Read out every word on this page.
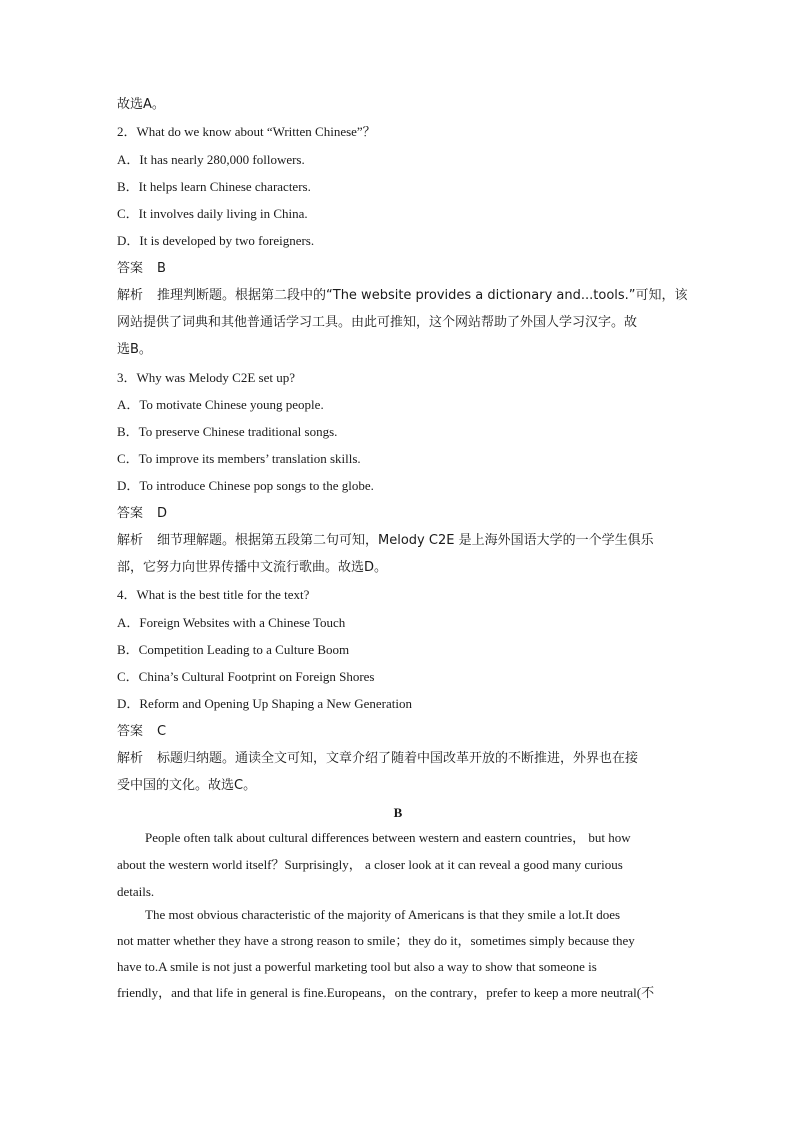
故选A。
2．What do we know about “Written Chinese”？
A．It has nearly 280,000 followers.
B．It helps learn Chinese characters.
C．It involves daily living in China.
D．It is developed by two foreigners.
答案 B
解析 推理判断题。根据第二段中的“The website provides a dictionary and...tools.”可知，该
网站提供了词典和其他普通话学习工具。由此可推知，这个网站帮助了外国人学习汉字。故
选B。
3．Why was Melody C2E set up?
A．To motivate Chinese young people.
B．To preserve Chinese traditional songs.
C．To improve its members’ translation skills.
D．To introduce Chinese pop songs to the globe.
答案 D
解析 细节理解题。根据第五段第二句可知，Melody C2E 是上海外国语大学的一个学生俱乐
部，它努力向世界传播中文流行歌曲。故选D。
4．What is the best title for the text?
A．Foreign Websites with a Chinese Touch
B．Competition Leading to a Culture Boom
C．China’s Cultural Footprint on Foreign Shores
D．Reform and Opening Up Shaping a New Generation
答案 C
解析 标题归纳题。通读全文可知，文章介绍了随着中国改革开放的不断推进，外界也在接
受中国的文化。故选C。
B
People often talk about cultural differences between western and eastern countries， but how
about the western world itself？Surprisingly， a closer look at it can reveal a good many curious
details.
The most obvious characteristic of the majority of Americans is that they smile a lot.It does
not matter whether they have a strong reason to smile；they do it，sometimes simply because they
have to.A smile is not just a powerful marketing tool but also a way to show that someone is
friendly，and that life in general is fine.Europeans，on the contrary，prefer to keep a more neutral(不
